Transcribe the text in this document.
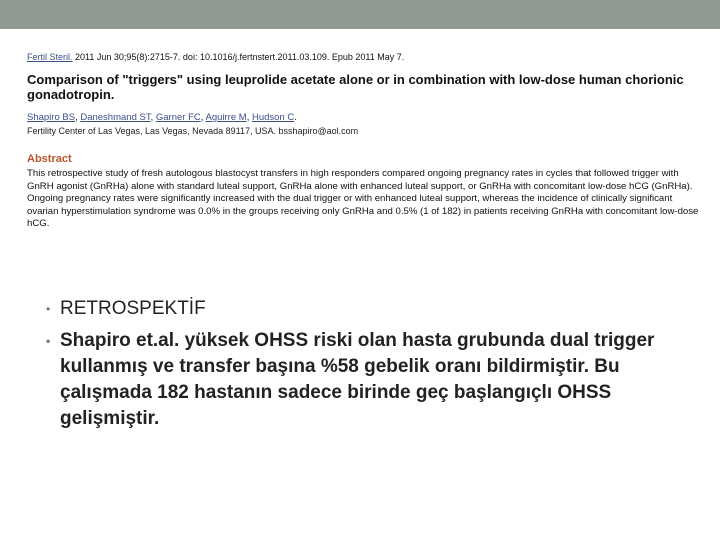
Fertil Steril. 2011 Jun 30;95(8):2715-7. doi: 10.1016/j.fertnstert.2011.03.109. Epub 2011 May 7.
Comparison of "triggers" using leuprolide acetate alone or in combination with low-dose human chorionic gonadotropin.
Shapiro BS, Daneshmand ST, Garner FC, Aguirre M, Hudson C.
Fertility Center of Las Vegas, Las Vegas, Nevada 89117, USA. bsshapiro@aol.com
Abstract
This retrospective study of fresh autologous blastocyst transfers in high responders compared ongoing pregnancy rates in cycles that followed trigger with GnRH agonist (GnRHa) alone with standard luteal support, GnRHa alone with enhanced luteal support, or GnRHa with concomitant low-dose hCG (GnRHa). Ongoing pregnancy rates were significantly increased with the dual trigger or with enhanced luteal support, whereas the incidence of clinically significant ovarian hyperstimulation syndrome was 0.0% in the groups receiving only GnRHa and 0.5% (1 of 182) in patients receiving GnRHa with concomitant low-dose hCG.
• RETROSPEKTİF
• Shapiro et.al. yüksek OHSS riski olan hasta grubunda dual trigger kullanmış ve transfer başına %58 gebelik oranı bildirmiştir. Bu çalışmada 182 hastanın sadece birinde geç başlangıçlı OHSS gelişmiştir.
